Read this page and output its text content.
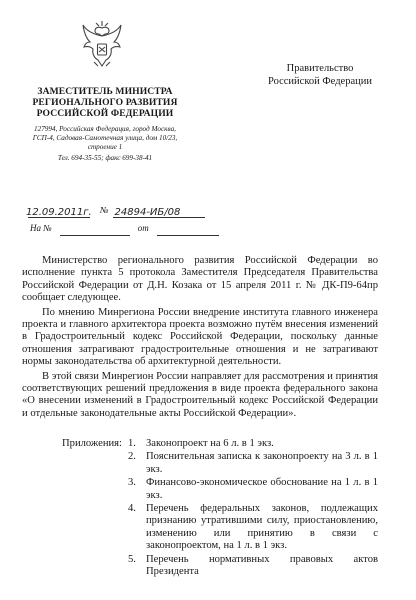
ЗАМЕСТИТЕЛЬ МИНИСТРА
РЕГИОНАЛЬНОГО РАЗВИТИЯ
РОССИЙСКОЙ ФЕДЕРАЦИИ
127994, Российская Федерация, город Москва,
ГСП-4, Садовая-Самотечная улица, дом 10/23,
строение 1
Тел. 694-35-55; факс 699-38-41
Правительство
Российской Федерации
12.09.2011г. № 24894-ИБ/08
На №	от

Министерство регионального развития Российской Федерации во исполнение пункта 5 протокола Заместителя Председателя Правительства Российской Федерации от Д.Н. Козака от 15 апреля 2011 г. № ДК-П9-64пр сообщает следующее.

По мнению Минрегиона России внедрение института главного инженера проекта и главного архитектора проекта возможно путём внесения изменений в Градостроительный кодекс Российской Федерации, поскольку данные отношения затрагивают градостроительные отношения и не затрагивают нормы законодательства об архитектурной деятельности.

В этой связи Минрегион России направляет для рассмотрения и принятия соответствующих решений предложения в виде проекта федерального закона «О внесении изменений в Градостроительный кодекс Российской Федерации и отдельные законодательные акты Российской Федерации».

Приложения: 1. Законопроект на 6 л. в 1 экз.
2. Пояснительная записка к законопроекту на 3 л. в 1 экз.
3. Финансово-экономическое обоснование на 1 л. в 1 экз.
4. Перечень федеральных законов, подлежащих признанию утратившими силу, приостановлению, изменению или принятию в связи с законопроектом, на 1 л. в 1 экз.
5. Перечень нормативных правовых актов Президента
